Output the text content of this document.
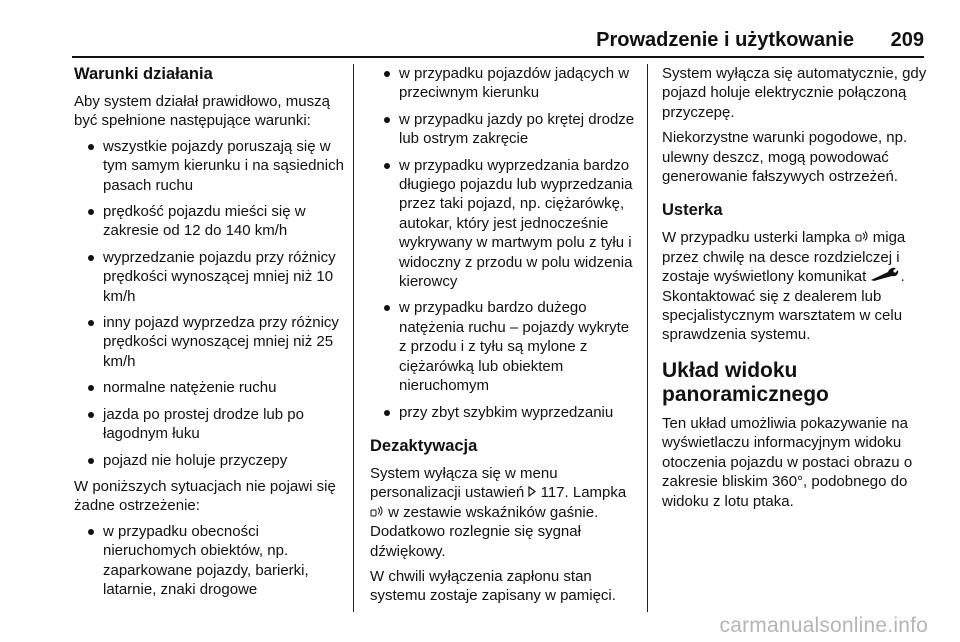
Prowadzenie i użytkowanie 209
Warunki działania

Aby system działał prawidłowo, muszą być spełnione następujące warunki:

wszystkie pojazdy poruszają się w tym samym kierunku i na sąsiednich pasach ruchu
prędkość pojazdu mieści się w zakresie od 12 do 140 km/h
wyprzedzanie pojazdu przy różnicy prędkości wynoszącej mniej niż 10 km/h
inny pojazd wyprzedza przy różnicy prędkości wynoszącej mniej niż 25 km/h
normalne natężenie ruchu
jazda po prostej drodze lub po łagodnym łuku
pojazd nie holuje przyczepy

W poniższych sytuacjach nie pojawi się żadne ostrzeżenie:

w przypadku obecności nieruchomych obiektów, np. zaparkowane pojazdy, barierki, latarnie, znaki drogowe
w przypadku pojazdów jadących w przeciwnym kierunku
w przypadku jazdy po krętej drodze lub ostrym zakręcie
w przypadku wyprzedzania bardzo długiego pojazdu lub wyprzedzania przez taki pojazd, np. ciężarówkę, autokar, który jest jednocześnie wykrywany w martwym polu z tyłu i widoczny z przodu w polu widzenia kierowcy
w przypadku bardzo dużego natężenia ruchu – pojazdy wykryte z przodu i z tyłu są mylone z ciężarówką lub obiektem nieruchomym
przy zbyt szybkim wyprzedzaniu
Dezaktywacja

System wyłącza się w menu personalizacji ustawień 117. Lampka  w zestawie wskaźników gaśnie. Dodatkowo rozlegnie się sygnał dźwiękowy.

W chwili wyłączenia zapłonu stan systemu zostaje zapisany w pamięci.

System wyłącza się automatycznie, gdy pojazd holuje elektrycznie połączoną przyczepę.

Niekorzystne warunki pogodowe, np. ulewny deszcz, mogą powodować generowanie fałszywych ostrzeżeń.

Usterka

W przypadku usterki lampka miga przez chwilę na desce rozdzielczej i zostaje wyświetlony komunikat . Skontaktować się z dealerem lub specjalistycznym warsztatem w celu sprawdzenia systemu.

Układ widoku
panoramicznego

Ten układ umożliwia pokazywanie na wyświetlaczu informacyjnym widoku otoczenia pojazdu w postaci obrazu o zakresie bliskim 360°, podobnego do widoku z lotu ptaka.

carmanualsonline.info
